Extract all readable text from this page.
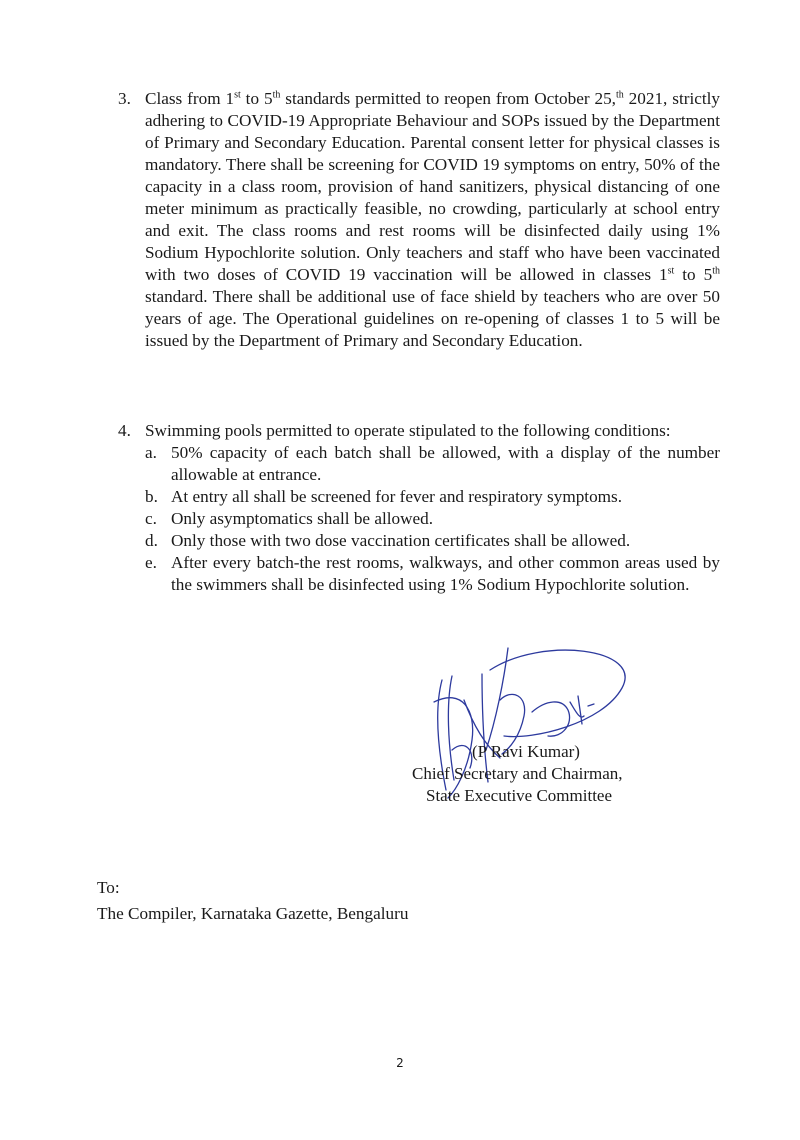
3. Class from 1st to 5th standards permitted to reopen from October 25,$^{th}$ 2021, strictly adhering to COVID-19 Appropriate Behaviour and SOPs issued by the Department of Primary and Secondary Education. Parental consent letter for physical classes is mandatory. There shall be screening for COVID 19 symptoms on entry, 50% of the capacity in a class room, provision of hand sanitizers, physical distancing of one meter minimum as practically feasible, no crowding, particularly at school entry and exit. The class rooms and rest rooms will be disinfected daily using 1% Sodium Hypochlorite solution. Only teachers and staff who have been vaccinated with two doses of COVID 19 vaccination will be allowed in classes 1st to 5th standard. There shall be additional use of face shield by teachers who are over 50 years of age. The Operational guidelines on re-opening of classes 1 to 5 will be issued by the Department of Primary and Secondary Education.
4. Swimming pools permitted to operate stipulated to the following conditions:
a. 50% capacity of each batch shall be allowed, with a display of the number allowable at entrance.
b. At entry all shall be screened for fever and respiratory symptoms.
c. Only asymptomatics shall be allowed.
d. Only those with two dose vaccination certificates shall be allowed.
e. After every batch-the rest rooms, walkways, and other common areas used by the swimmers shall be disinfected using 1% Sodium Hypochlorite solution.
(P Ravi Kumar)
Chief Secretary and Chairman,
State Executive Committee
To:
The Compiler, Karnataka Gazette, Bengaluru
2
